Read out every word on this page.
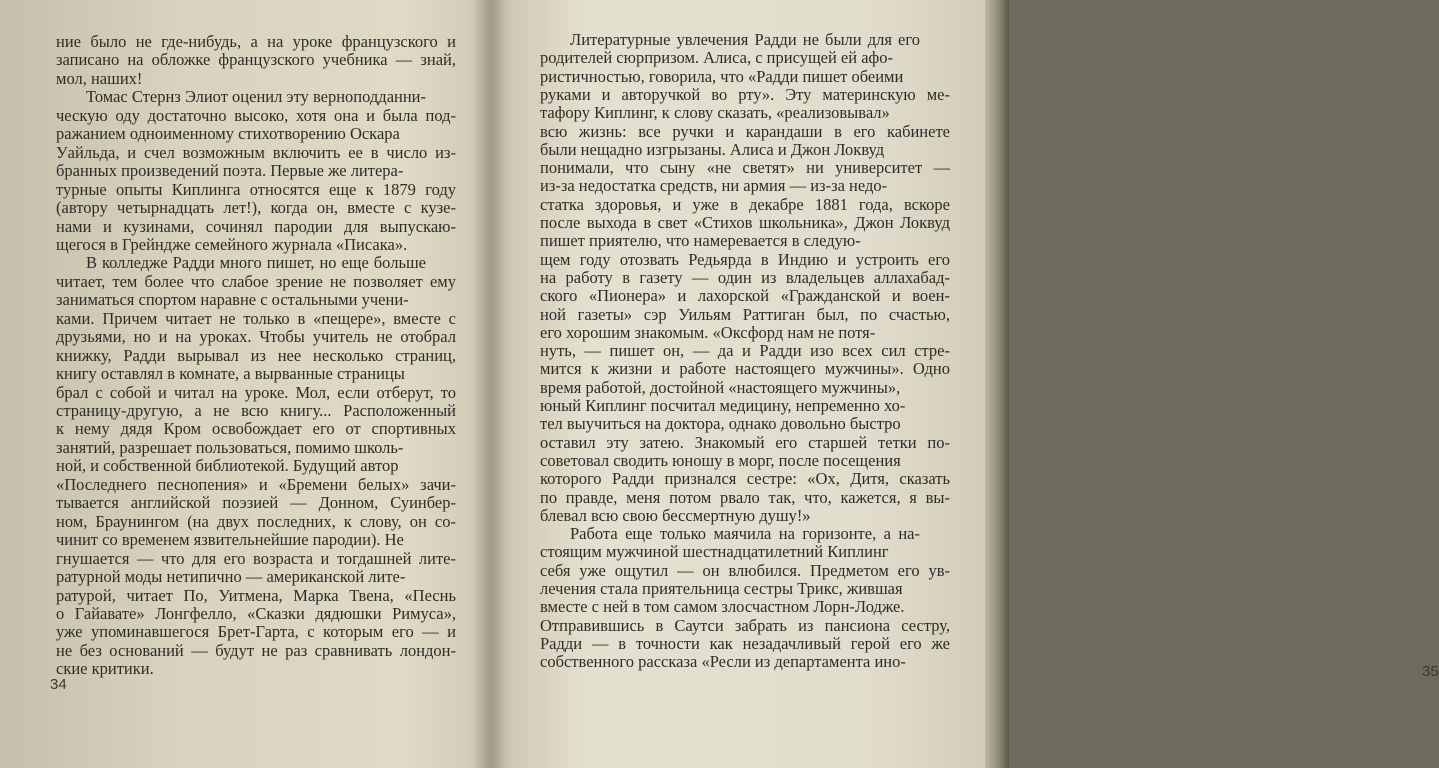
ние было не где-нибудь, а на уроке французского и
записано на обложке французского учебника — знай,
мол, наших!
Томас Стернз Элиот оценил эту верноподданни-
ческую оду достаточно высоко, хотя она и была под-
ражанием одноименному стихотворению Оскара
Уайльда, и счел возможным включить ее в число из-
бранных произведений поэта. Первые же литера-
турные опыты Киплинга относятся еще к 1879 году
(автору четырнадцать лет!), когда он, вместе с кузе-
нами и кузинами, сочинял пародии для выпускаю-
щегося в Грейндже семейного журнала «Писака».
В колледже Радди много пишет, но еще больше
читает, тем более что слабое зрение не позволяет ему
заниматься спортом наравне с остальными учени-
ками. Причем читает не только в «пещере», вместе с
друзьями, но и на уроках. Чтобы учитель не отобрал
книжку, Радди вырывал из нее несколько страниц,
книгу оставлял в комнате, а вырванные страницы
брал с собой и читал на уроке. Мол, если отберут, то
страницу-другую, а не всю книгу... Расположенный
к нему дядя Кром освобождает его от спортивных
занятий, разрешает пользоваться, помимо школь-
ной, и собственной библиотекой. Будущий автор
«Последнего песнопения» и «Бремени белых» зачи-
тывается английской поэзией — Донном, Суинбер-
ном, Браунингом (на двух последних, к слову, он со-
чинит со временем язвительнейшие пародии). Не
гнушается — что для его возраста и тогдашней лите-
ратурной моды нетипично — американской лите-
ратурой, читает По, Уитмена, Марка Твена, «Песнь
о Гайавате» Лонгфелло, «Сказки дядюшки Римуса»,
уже упоминавшегося Брет-Гарта, с которым его — и
не без оснований — будут не раз сравнивать лондон-
ские критики.
34
Литературные увлечения Радди не были для его
родителей сюрпризом. Алиса, с присущей ей афо-
ристичностью, говорила, что «Радди пишет обеими
руками и авторучкой во рту». Эту материнскую ме-
тафору Киплинг, к слову сказать, «реализовывал»
всю жизнь: все ручки и карандаши в его кабинете
были нещадно изгрызаны. Алиса и Джон Локвуд
понимали, что сыну «не светят» ни университет —
из-за недостатка средств, ни армия — из-за недо-
статка здоровья, и уже в декабре 1881 года, вскоре
после выхода в свет «Стихов школьника», Джон Локвуд
пишет приятелю, что намеревается в следую-
щем году отозвать Редьярда в Индию и устроить его
на работу в газету — один из владельцев аллахабад-
ского «Пионера» и лахорской «Гражданской и воен-
ной газеты» сэр Уильям Раттиган был, по счастью,
его хорошим знакомым. «Оксфорд нам не потя-
нуть, — пишет он, — да и Радди изо всех сил стре-
мится к жизни и работе настоящего мужчины». Одно
время работой, достойной «настоящего мужчины»,
юный Киплинг посчитал медицину, непременно хо-
тел выучиться на доктора, однако довольно быстро
оставил эту затею. Знакомый его старшей тетки по-
советовал сводить юношу в морг, после посещения
которого Радди признался сестре: «Ох, Дитя, сказать
по правде, меня потом рвало так, что, кажется, я вы-
блевал всю свою бессмертную душу!»
Работа еще только маячила на горизонте, а на-
стоящим мужчиной шестнадцатилетний Киплинг
себя уже ощутил — он влюбился. Предметом его ув-
лечения стала приятельница сестры Трикс, жившая
вместе с ней в том самом злосчастном Лорн-Лодже.
Отправившись в Саутси забрать из пансиона сестру,
Радди — в точности как незадачливый герой его же
собственного рассказа «Ресли из департамента ино-
35
